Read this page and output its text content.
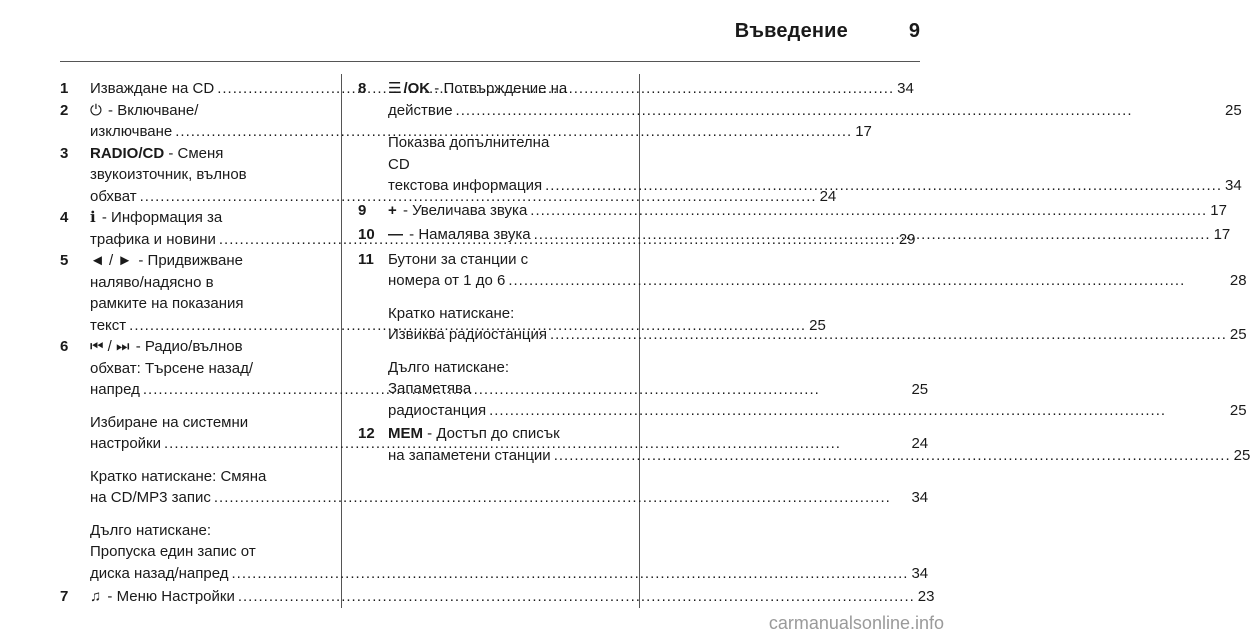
Въведение	9
1	Изваждане на CD .....	34
2	⏻ - Включване/
изключване .....	17
3	RADIO/CD - Сменя
звукоизточник, вълнов
обхват .....	24
4	ℹ - Информация за
трафика и новини .....	29
5	◄ / ► - Придвижване
наляво/надясно в
рамките на показания
текст .....	25
6	⏮ / ⏭ - Радио/вълнов
обхват: Търсене назад/
напред .....	25
Избиране на системни
настройки .....	24
Кратко натискане: Смяна
на CD/MP3 запис .....	34
Дълго натискане:
Пропуска един запис от
диска назад/напред .....	34
7	♫ - Меню Настройки .....	23
8	☰ /OK - Потвърждение на
действие .....	25
Показва допълнителна
CD
текстова информация .....	34
9	+ - Увеличава звука .....	17
10 — - Намалява звука .....	17
11 Бутони за станции с
номера от 1 до 6 .....	28
Кратко натискане:
Извиква радиостанция .....	25
Дълго натискане:
Запаметява
радиостанция .....	25
12 MEM - Достъп до списък
на запаметени станции .....	25
carmanualsonline.info
